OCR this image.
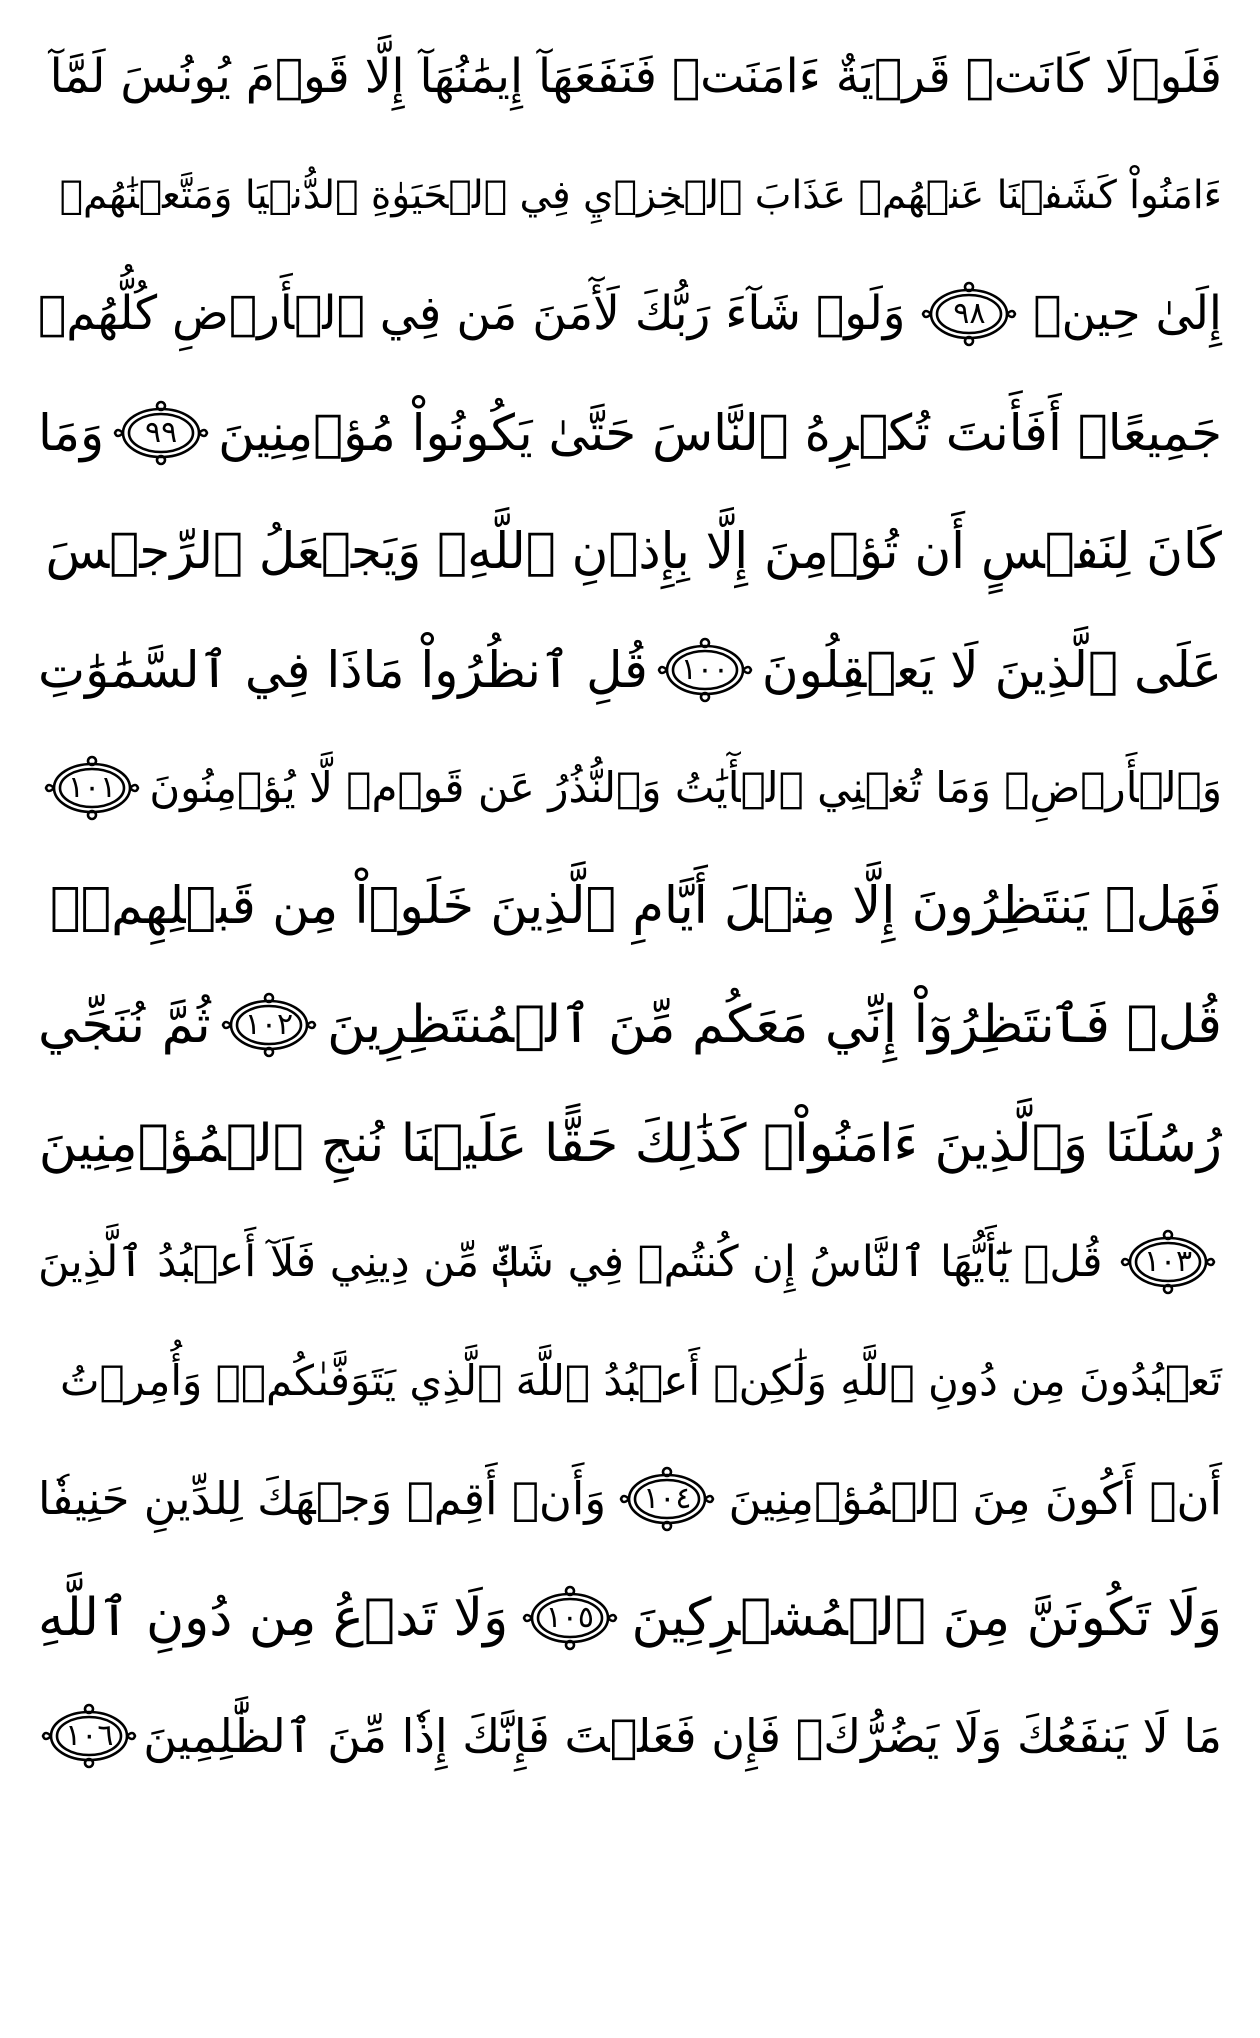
فَلَوۡلَا كَانَتۡ قَرۡيَةٌ ءَامَنَتۡ فَنَفَعَهَآ إِيمَٰنُهَآ إِلَّا قَوۡمَ يُونُسَ لَمَّآ
ءَامَنُواْ كَشَفۡنَا عَنۡهُمۡ عَذَابَ ٱلۡخِزۡيِ فِي ٱلۡحَيَوٰةِ ٱلدُّنۡيَا وَمَتَّعۡنَٰهُمۡ
إِلَىٰ حِينٖ
٩٨
وَلَوۡ شَآءَ رَبُّكَ لَأٓمَنَ مَن فِي ٱلۡأَرۡضِ كُلُّهُمۡ
جَمِيعًاۚ أَفَأَنتَ تُكۡرِهُ ٱلنَّاسَ حَتَّىٰ يَكُونُواْ مُؤۡمِنِينَ
٩٩
وَمَا
كَانَ لِنَفۡسٍ أَن تُؤۡمِنَ إِلَّا بِإِذۡنِ ٱللَّهِۚ وَيَجۡعَلُ ٱلرِّجۡسَ
عَلَى ٱلَّذِينَ لَا يَعۡقِلُونَ
١٠٠
قُلِ ٱنظُرُواْ مَاذَا فِي ٱلسَّمَٰوَٰتِ
وَٱلۡأَرۡضِۚ وَمَا تُغۡنِي ٱلۡأٓيَٰتُ وَٱلنُّذُرُ عَن قَوۡمٖ لَّا يُؤۡمِنُونَ
١٠١
فَهَلۡ يَنتَظِرُونَ إِلَّا مِثۡلَ أَيَّامِ ٱلَّذِينَ خَلَوۡاْ مِن قَبۡلِهِمۡۚ
قُلۡ فَٱنتَظِرُوٓاْ إِنِّي مَعَكُم مِّنَ ٱلۡمُنتَظِرِينَ
١٠٢
ثُمَّ نُنَجِّي
رُسُلَنَا وَٱلَّذِينَ ءَامَنُواْۚ كَذَٰلِكَ حَقًّا عَلَيۡنَا نُنجِ ٱلۡمُؤۡمِنِينَ
١٠٣
قُلۡ يَٰٓأَيُّهَا ٱلنَّاسُ إِن كُنتُمۡ فِي شَكّٖ مِّن دِينِي فَلَآ أَعۡبُدُ ٱلَّذِينَ
تَعۡبُدُونَ مِن دُونِ ٱللَّهِ وَلَٰكِنۡ أَعۡبُدُ ٱللَّهَ ٱلَّذِي يَتَوَفَّىٰكُمۡۖ وَأُمِرۡتُ
أَنۡ أَكُونَ مِنَ ٱلۡمُؤۡمِنِينَ
١٠٤
وَأَنۡ أَقِمۡ وَجۡهَكَ لِلدِّينِ حَنِيفٗا
وَلَا تَكُونَنَّ مِنَ ٱلۡمُشۡرِكِينَ
١٠٥
وَلَا تَدۡعُ مِن دُونِ ٱللَّهِ
مَا لَا يَنفَعُكَ وَلَا يَضُرُّكَۖ فَإِن فَعَلۡتَ فَإِنَّكَ إِذٗا مِّنَ ٱلظَّٰلِمِينَ
١٠٦
